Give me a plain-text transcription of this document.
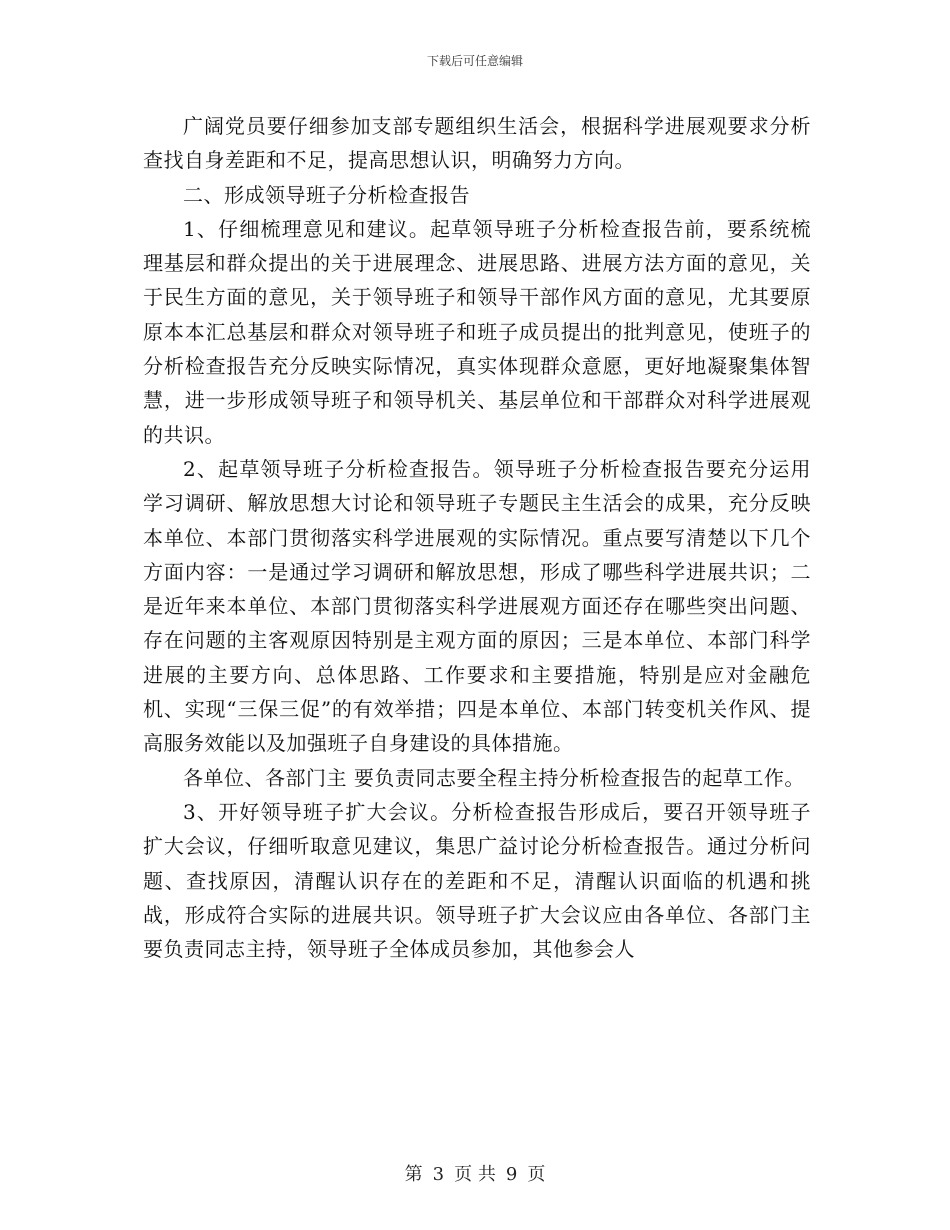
下载后可任意编辑

广阔党员要仔细参加支部专题组织生活会，根据科学进展观要求分析查找自身差距和不足，提高思想认识，明确努力方向。

二、形成领导班子分析检查报告

1、仔细梳理意见和建议。起草领导班子分析检查报告前，要系统梳理基层和群众提出的关于进展理念、进展思路、进展方法方面的意见，关于民生方面的意见，关于领导班子和领导干部作风方面的意见，尤其要原原本本汇总基层和群众对领导班子和班子成员提出的批判意见，使班子的分析检查报告充分反映实际情况，真实体现群众意愿，更好地凝聚集体智慧，进一步形成领导班子和领导机关、基层单位和干部群众对科学进展观的共识。

2、起草领导班子分析检查报告。领导班子分析检查报告要充分运用学习调研、解放思想大讨论和领导班子专题民主生活会的成果，充分反映本单位、本部门贯彻落实科学进展观的实际情况。重点要写清楚以下几个方面内容：一是通过学习调研和解放思想，形成了哪些科学进展共识；二是近年来本单位、本部门贯彻落实科学进展观方面还存在哪些突出问题、存在问题的主客观原因特别是主观方面的原因；三是本单位、本部门科学进展的主要方向、总体思路、工作要求和主要措施，特别是应对金融危机、实现“三保三促”的有效举措；四是本单位、本部门转变机关作风、提高服务效能以及加强班子自身建设的具体措施。

各单位、各部门主 要负责同志要全程主持分析检查报告的起草工作。

3、开好领导班子扩大会议。分析检查报告形成后，要召开领导班子扩大会议，仔细听取意见建议，集思广益讨论分析检查报告。通过分析问题、查找原因，清醒认识存在的差距和不足，清醒认识面临的机遇和挑战，形成符合实际的进展共识。领导班子扩大会议应由各单位、各部门主要负责同志主持，领导班子全体成员参加，其他参会人

第 3 页 共 9 页
